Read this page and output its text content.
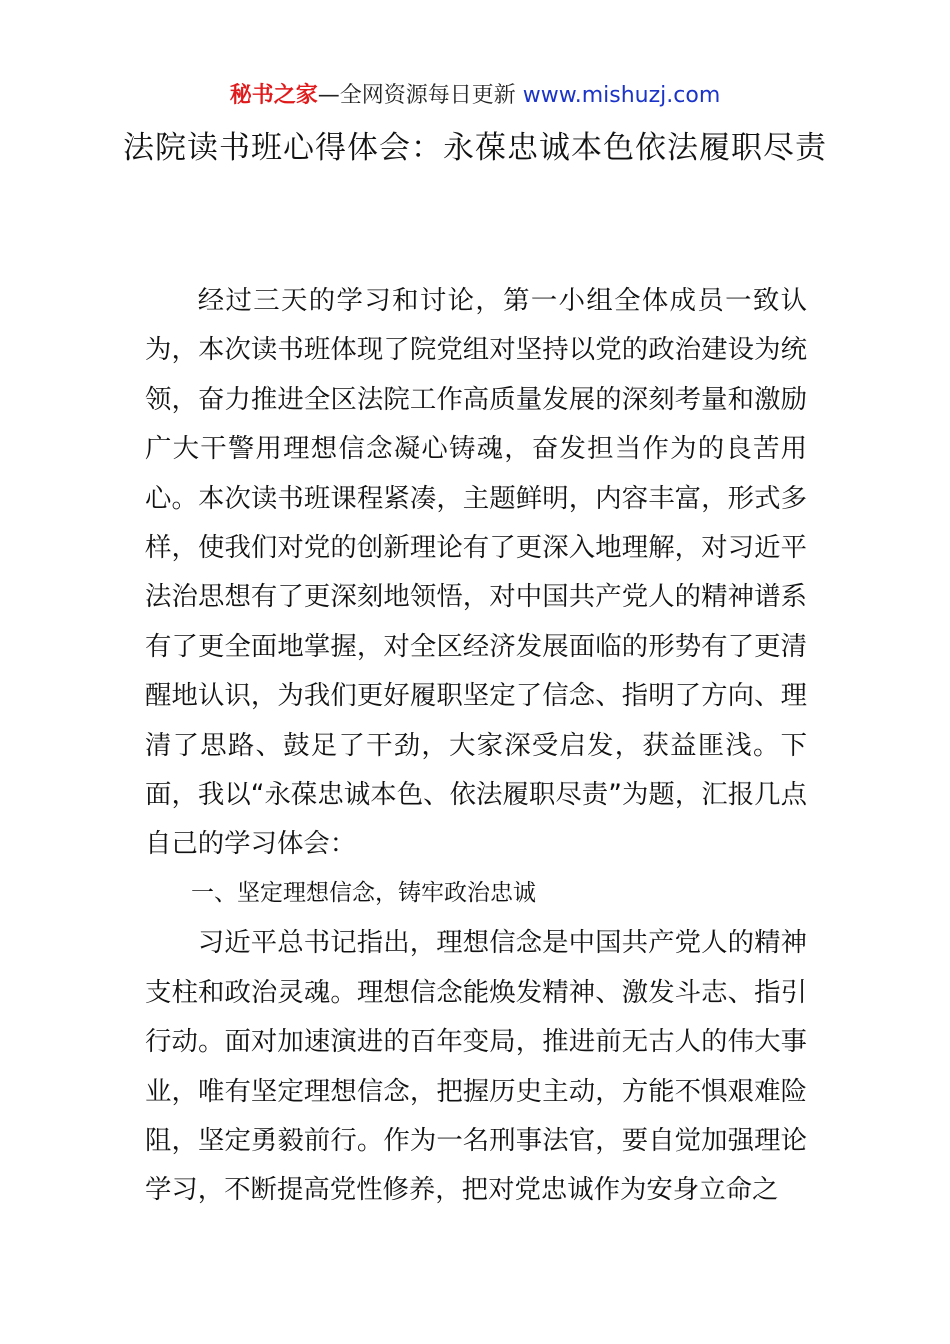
秘书之家—全网资源每日更新 www.mishuzj.com
法院读书班心得体会：永葆忠诚本色依法履职尽责

经过三天的学习和讨论，第一小组全体成员一致认为，本次读书班体现了院党组对坚持以党的政治建设为统领，奋力推进全区法院工作高质量发展的深刻考量和激励广大干警用理想信念凝心铸魂，奋发担当作为的良苦用心。本次读书班课程紧凑，主题鲜明，内容丰富，形式多样，使我们对党的创新理论有了更深入地理解，对习近平法治思想有了更深刻地领悟，对中国共产党人的精神谱系有了更全面地掌握，对全区经济发展面临的形势有了更清醒地认识，为我们更好履职坚定了信念、指明了方向、理清了思路、鼓足了干劲，大家深受启发，获益匪浅。下面，我以“永葆忠诚本色、依法履职尽责”为题，汇报几点自己的学习体会：

一、坚定理想信念，铸牢政治忠诚

习近平总书记指出，理想信念是中国共产党人的精神支柱和政治灵魂。理想信念能焕发精神、激发斗志、指引行动。面对加速演进的百年变局，推进前无古人的伟大事业，唯有坚定理想信念，把握历史主动，方能不惧艰难险阻，坚定勇毅前行。作为一名刑事法官，要自觉加强理论学习，不断提高党性修养，把对党忠诚作为安身立命之
